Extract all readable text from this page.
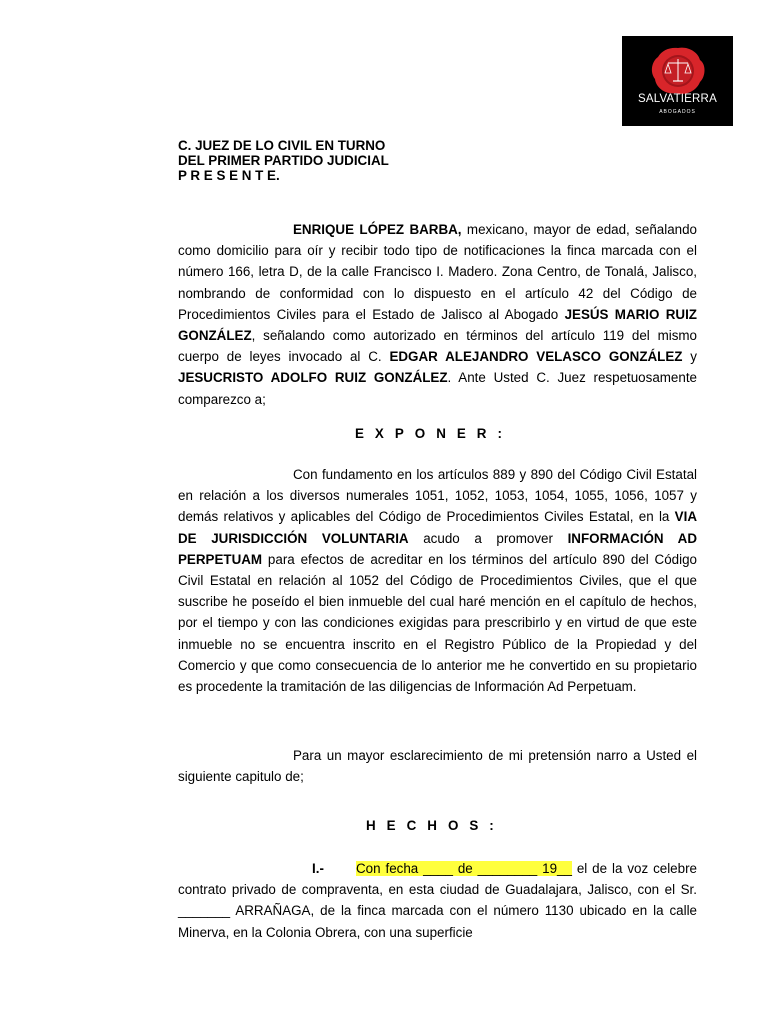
SALVATIERRA
ABOGADOS
C. JUEZ DE LO CIVIL EN TURNO
DEL PRIMER PARTIDO JUDICIAL
P R E S E N T E.

ENRIQUE LÓPEZ BARBA, mexicano, mayor de edad, señalando como domicilio para oír y recibir todo tipo de notificaciones la finca marcada con el número 166, letra D, de la calle Francisco I. Madero. Zona Centro, de Tonalá, Jalisco, nombrando de conformidad con lo dispuesto en el artículo 42 del Código de Procedimientos Civiles para el Estado de Jalisco al Abogado JESÚS MARIO RUIZ GONZÁLEZ, señalando como autorizado en términos del artículo 119 del mismo cuerpo de leyes invocado al C. EDGAR ALEJANDRO VELASCO GONZÁLEZ y JESUCRISTO ADOLFO RUIZ GONZÁLEZ. Ante Usted C. Juez respetuosamente comparezco a;

EXPONER:

Con fundamento en los artículos 889 y 890 del Código Civil Estatal en relación a los diversos numerales 1051, 1052, 1053, 1054, 1055, 1056, 1057 y demás relativos y aplicables del Código de Procedimientos Civiles Estatal, en la VIA DE JURISDICCIÓN VOLUNTARIA acudo a promover INFORMACIÓN AD PERPETUAM para efectos de acreditar en los términos del artículo 890 del Código Civil Estatal en relación al 1052 del Código de Procedimientos Civiles, que el que suscribe he poseído el bien inmueble del cual haré mención en el capítulo de hechos, por el tiempo y con las condiciones exigidas para prescribirlo y en virtud de que este inmueble no se encuentra inscrito en el Registro Público de la Propiedad y del Comercio y que como consecuencia de lo anterior me he convertido en su propietario es procedente la tramitación de las diligencias de Información Ad Perpetuam.

Para un mayor esclarecimiento de mi pretensión narro a Usted el siguiente capitulo de;

HECHOS:

I.- Con fecha ____ de ________ 19__ el de la voz celebre contrato privado de compraventa, en esta ciudad de Guadalajara, Jalisco, con el Sr. _______ ARRAÑAGA, de la finca marcada con el número 1130 ubicado en la calle Minerva, en la Colonia Obrera, con una superficie
